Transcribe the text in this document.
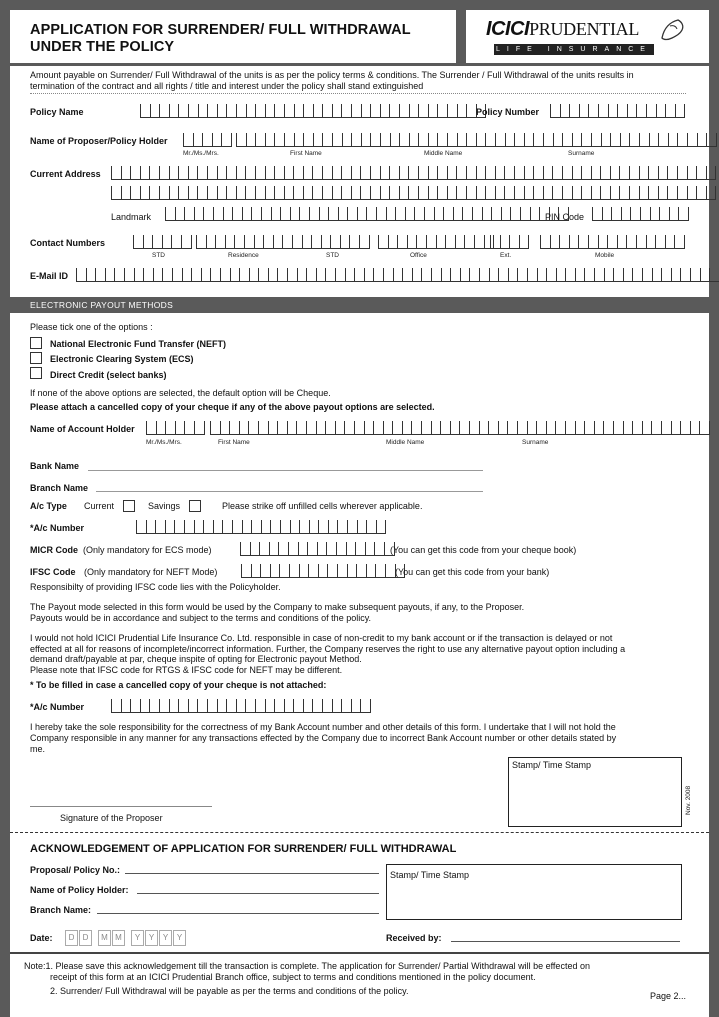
APPLICATION FOR SURRENDER/ FULL WITHDRAWAL
UNDER THE POLICY
ICICIPRUDENTIAL
LIFE INSURANCE
Amount payable on Surrender/ Full Withdrawal of the units is as per the policy terms & conditions. The Surrender / Full Withdrawal of the units results in
termination of the contract and all rights / title and interest under the policy shall stand extinguished
Policy Name	Policy Number
Name of Proposer/Policy Holder
Mr./Ms./Mrs.	First Name	Middle Name	Surname
Current Address
Landmark	PIN Code
Contact Numbers
STD	Residence	STD	Office	Ext.	Mobile
E-Mail ID
ELECTRONIC PAYOUT METHODS
Please tick one of the options :
National Electronic Fund Transfer (NEFT)
Electronic Clearing System (ECS)
Direct Credit (select banks)
If none of the above options are selected, the default option will be Cheque.
Please attach a cancelled copy of your cheque if any of the above payout options are selected.
Name of Account Holder
Mr./Ms./Mrs.	First Name	Middle Name	Surname
Bank Name
Branch Name
A/c Type Current	Savings	Please strike off unfilled cells wherever applicable.
*A/c Number
MICR Code (Only mandatory for ECS mode)	(You can get this code from your cheque book)
IFSC Code (Only mandatory for NEFT Mode)	(You can get this code from your bank)
Responsibilty of providing IFSC code lies with the Policyholder.
The Payout mode selected in this form would be used by the Company to make subsequent payouts, if any, to the Proposer.
Payouts would be in accordance and subject to the terms and conditions of the policy.
I would not hold ICICI Prudential Life Insurance Co. Ltd. responsible in case of non-credit to my bank account or if the transaction is delayed or not
effected at all for reasons of incomplete/incorrect information. Further, the Company reserves the right to use any alternative payout option including a
demand draft/payable at par, cheque inspite of opting for Electronic payout Method.
Please note that IFSC code for RTGS & IFSC code for NEFT may be different.
* To be filled in case a cancelled copy of your cheque is not attached:
*A/c Number
I hereby take the sole responsibility for the correctness of my Bank Account number and other details of this form. I undertake that I will not hold the
Company responsible in any manner for any transactions effected by the Company due to incorrect Bank Account number or other details stated by
me.
Stamp/ Time Stamp
Nov. 2008
Signature of the Proposer
ACKNOWLEDGEMENT OF APPLICATION FOR SURRENDER/ FULL WITHDRAWAL
Proposal/ Policy No.:
Name of Policy Holder:
Branch Name:
Stamp/ Time Stamp
Date:	D	D	M M	Y	Y	Y	Y	Received by:
Note:1. Please save this acknowledgement till the transaction is complete. The application for Surrender/ Partial Withdrawal will be effected on
receipt of this form at an ICICI Prudential Branch office, subject to terms and conditions mentioned in the policy document.
2. Surrender/ Full Withdrawal will be payable as per the terms and conditions of the policy.	Page 2...
